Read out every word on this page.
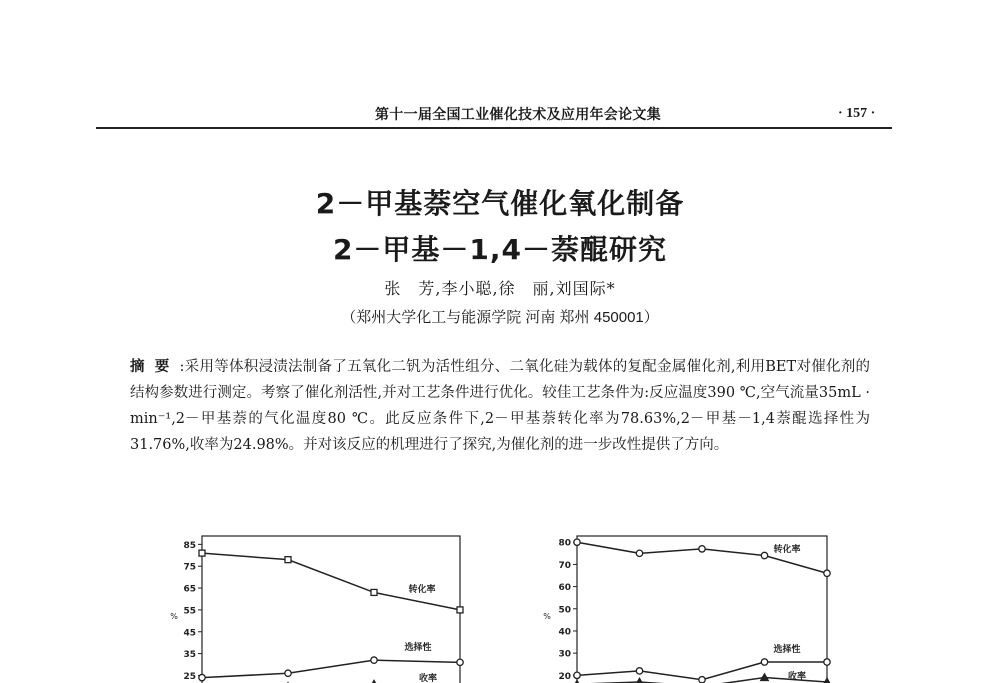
第十一届全国工业催化技术及应用年会论文集	· 157 ·
2－甲基萘空气催化氧化制备
2－甲基－1,4－萘醌研究
张　芳,李小聪,徐　丽,刘国际*
（郑州大学化工与能源学院 河南 郑州 450001）
摘要:采用等体积浸渍法制备了五氧化二钒为活性组分、二氧化硅为载体的复配金属催化剂,利用BET对催化剂的结构参数进行测定。考察了催化剂活性,并对工艺条件进行优化。较佳工艺条件为:反应温度390 ℃,空气流量35mL · min⁻¹,2－甲基萘的气化温度80 ℃。此反应条件下,2－甲基萘转化率为78.63%,2－甲基－1,4萘醌选择性为31.76%,收率为24.98%。并对该反应的机理进行了探究,为催化剂的进一步改性提供了方向。
85
75
65
55
45
35
25
%
转化率
选择性
收率
80
70
60
50
40
30
20
%
转化率
选择性
收率
